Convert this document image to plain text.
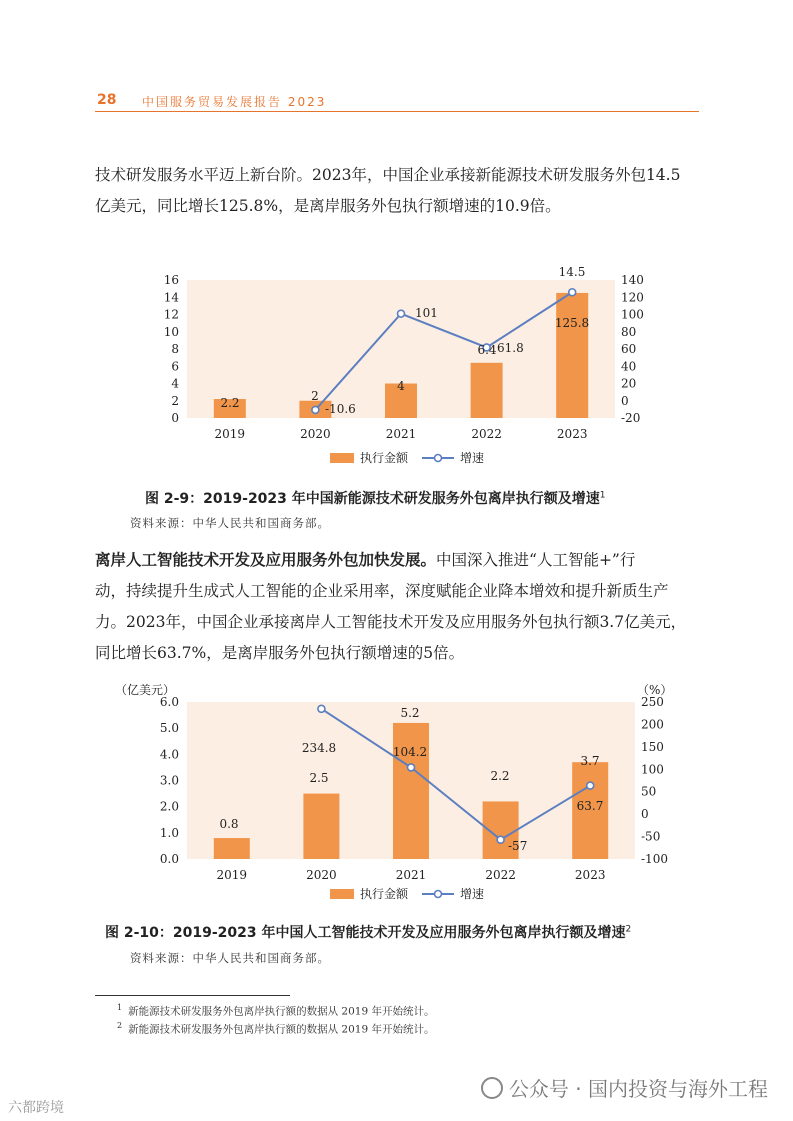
28 中国服务贸易发展报告 2023
技术研发服务水平迈上新台阶。2023年，中国企业承接新能源技术研发服务外包14.5
亿美元，同比增长125.8%，是离岸服务外包执行额增速的10.9倍。
0
2
4
6
8
10
12
14
16
-20
0
20
40
60
80
100
120
140
2019	2020	2021	2022	2023
2.2	2
4
6.4
14.5
-10.6
101
61.8
125.8
执行金额	增速
图 2-9：2019-2023 年中国新能源技术研发服务外包离岸执行额及增速$^1$
资料来源：中华人民共和国商务部。
离岸人工智能技术开发及应用服务外包加快发展。中国深入推进“人工智能+”行
动，持续提升生成式人工智能的企业采用率，深度赋能企业降本增效和提升新质生产
力。2023年，中国企业承接离岸人工智能技术开发及应用服务外包执行额3.7亿美元，
同比增长63.7%，是离岸服务外包执行额增速的5倍。
0.0
1.0
2.0
3.0
4.0
5.0
6.0
-100
-50
0
50
100
150
200
250
（亿美元）	（%）
2019	2020	2021	2022	2023
0.8
2.5
5.2
2.2
3.7
234.8	104.2
-57
63.7
执行金额	增速
图 2-10：2019-2023 年中国人工智能技术开发及应用服务外包离岸执行额及增速$^2$
资料来源：中华人民共和国商务部。
$^1$ 新能源技术研发服务外包离岸执行额的数据从 2019 年开始统计。
$^2$ 新能源技术研发服务外包离岸执行额的数据从 2019 年开始统计。
公众号 · 国内投资与海外工程
六都跨境
